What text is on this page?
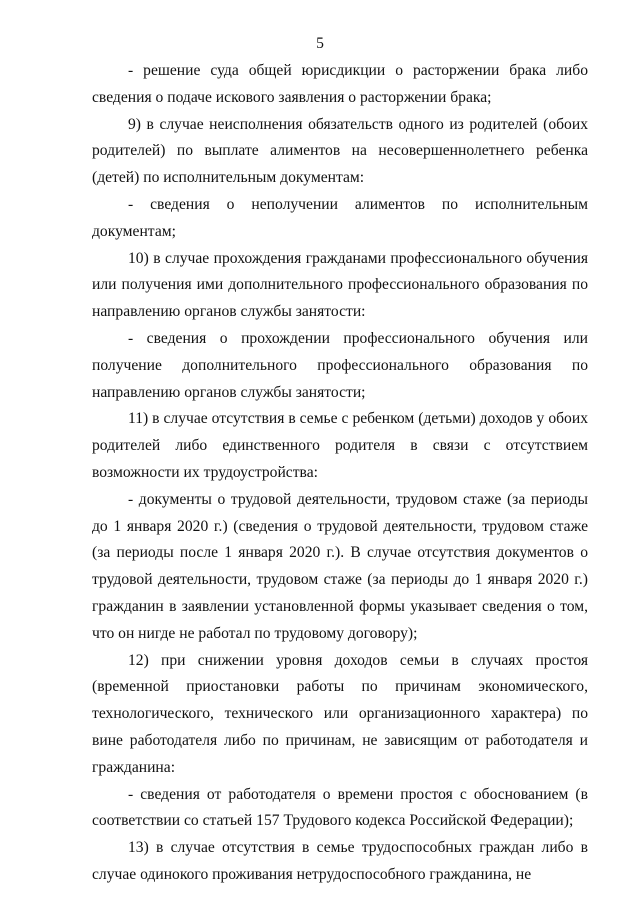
5

- решение суда общей юрисдикции о расторжении брака либо сведения о подаче искового заявления о расторжении брака;

9) в случае неисполнения обязательств одного из родителей (обоих родителей) по выплате алиментов на несовершеннолетнего ребенка (детей) по исполнительным документам:

- сведения о неполучении алиментов по исполнительным документам;

10) в случае прохождения гражданами профессионального обучения или получения ими дополнительного профессионального образования по направлению органов службы занятости:

- сведения о прохождении профессионального обучения или получение дополнительного профессионального образования по направлению органов службы занятости;

11) в случае отсутствия в семье с ребенком (детьми) доходов у обоих родителей либо единственного родителя в связи с отсутствием возможности их трудоустройства:

- документы о трудовой деятельности, трудовом стаже (за периоды до 1 января 2020 г.) (сведения о трудовой деятельности, трудовом стаже (за периоды после 1 января 2020 г.). В случае отсутствия документов о трудовой деятельности, трудовом стаже (за периоды до 1 января 2020 г.) гражданин в заявлении установленной формы указывает сведения о том, что он нигде не работал по трудовому договору);

12) при снижении уровня доходов семьи в случаях простоя (временной приостановки работы по причинам экономического, технологического, технического или организационного характера) по вине работодателя либо по причинам, не зависящим от работодателя и гражданина:

- сведения от работодателя о времени простоя с обоснованием (в соответствии со статьей 157 Трудового кодекса Российской Федерации);

13) в случае отсутствия в семье трудоспособных граждан либо в случае одинокого проживания нетрудоспособного гражданина, не
